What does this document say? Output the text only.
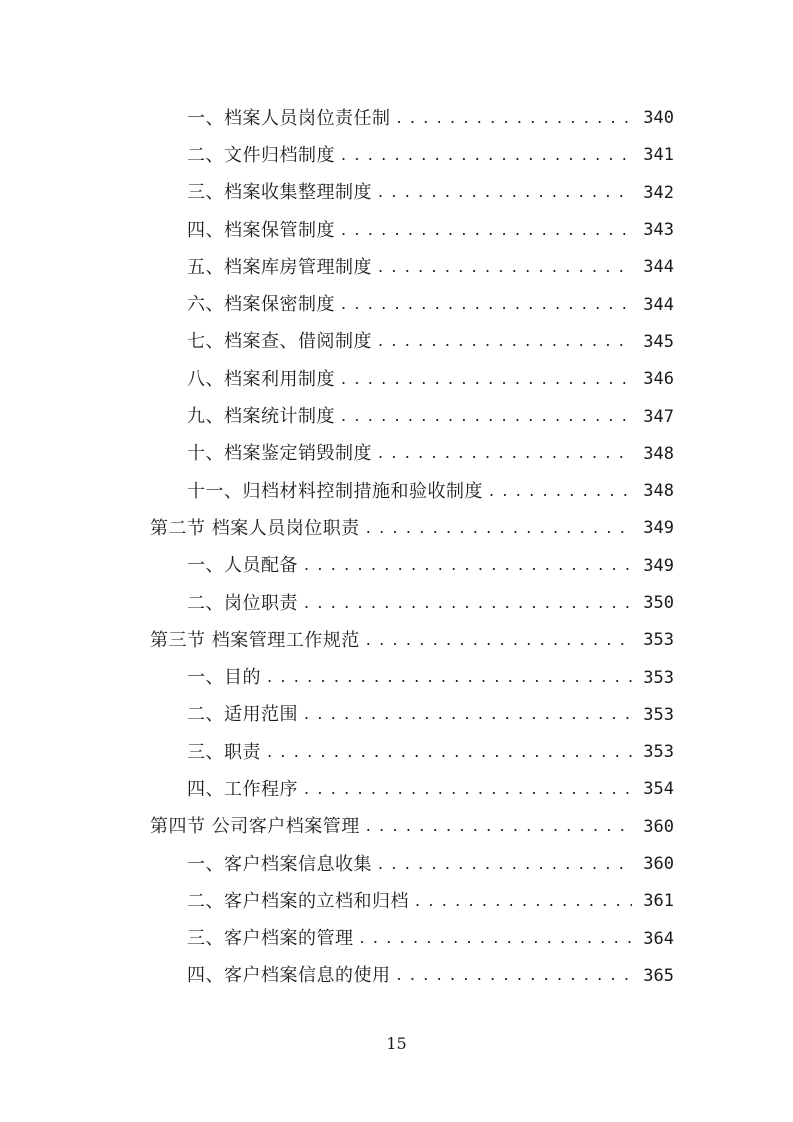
一、档案人员岗位责任制 . . .	340
二、文件归档制度 . . .	341
三、档案收集整理制度 . . .	342
四、档案保管制度 . . .	343
五、档案库房管理制度 . . .	344
六、档案保密制度 . . .	344
七、档案查、借阅制度 . . .	345
八、档案利用制度 . . .	346
九、档案统计制度 . . .	347
十、档案鉴定销毁制度 . . .	348
十一、归档材料控制措施和验收制度 . . .	348
第二节 档案人员岗位职责 . . .	349
一、人员配备 . . .	349
二、岗位职责 . . .	350
第三节 档案管理工作规范 . . .	353
一、目的 . . .	353
二、适用范围 . . .	353
三、职责 . . .	353
四、工作程序 . . .	354
第四节 公司客户档案管理 . . .	360
一、客户档案信息收集 . . .	360
二、客户档案的立档和归档 . . .	361
三、客户档案的管理 . . .	364
四、客户档案信息的使用 . . .	365
15
